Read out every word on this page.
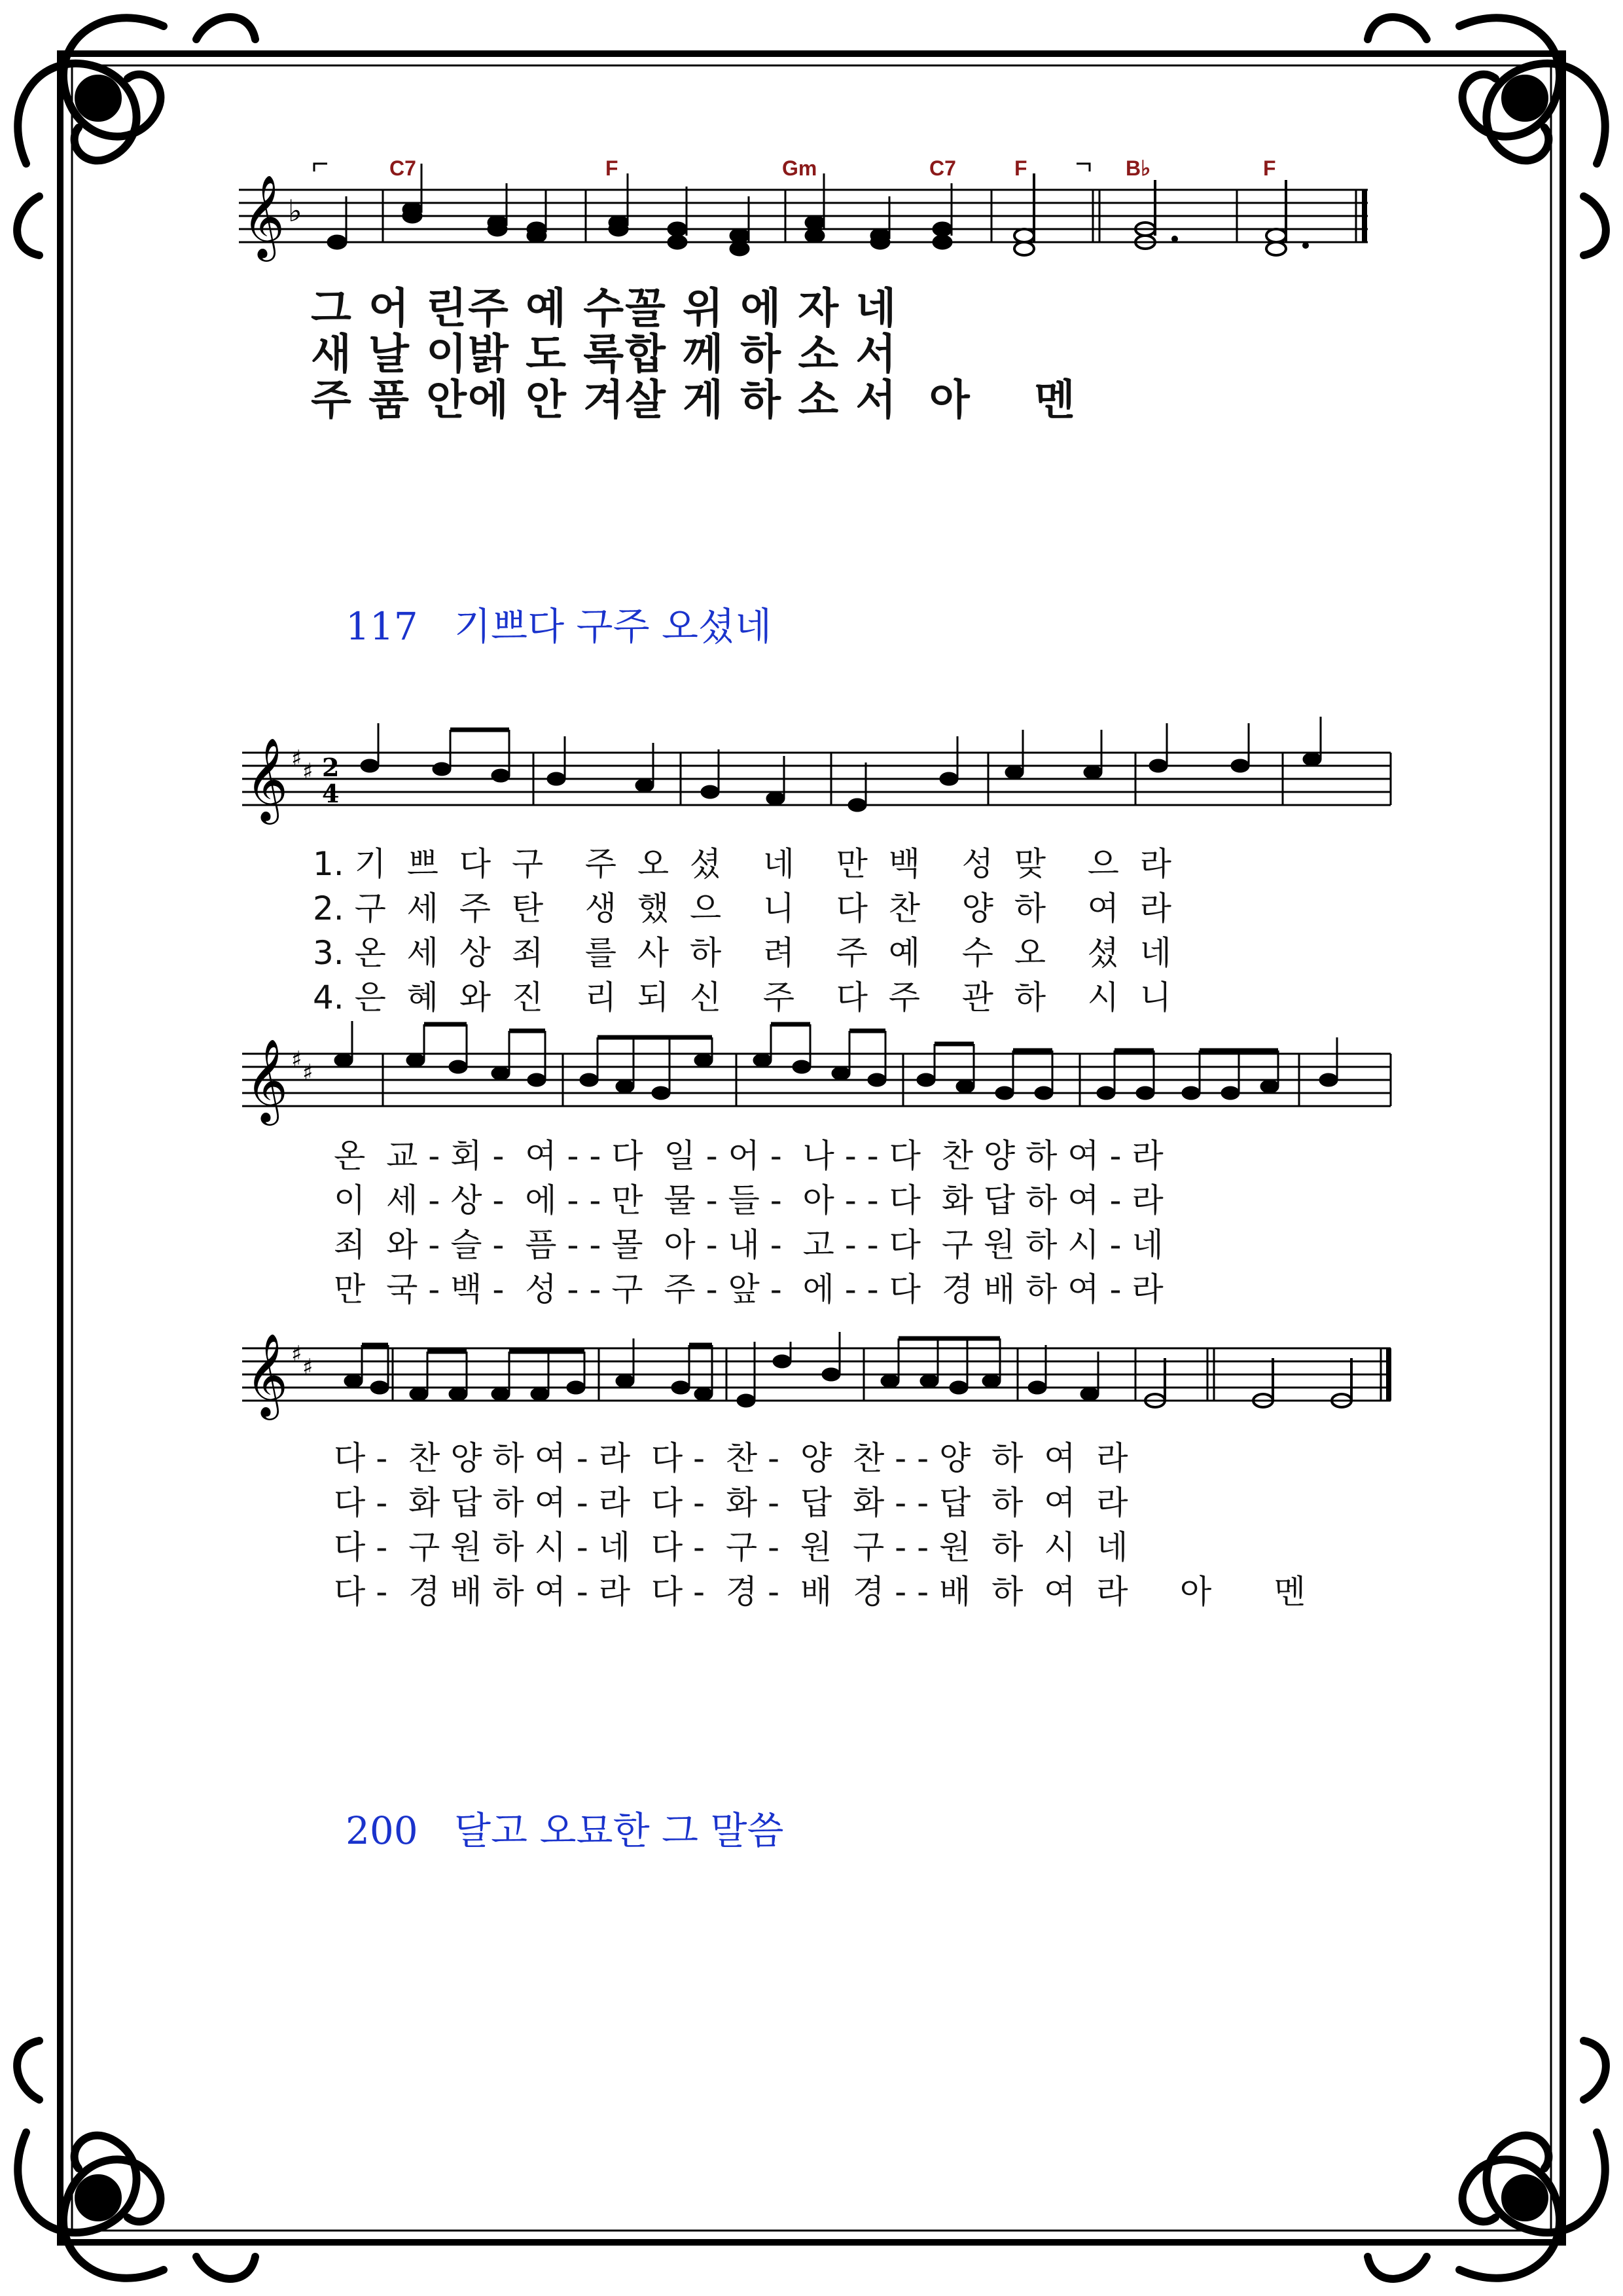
𝄞 ♭
C7	F	Gm	C7	F	B♭	F
그 어 린주 예 수꼴 위 에 자 네
새 날 이밝 도 록합 께 하 소 서
주 품 안에 안 겨살 게 하 소 서  아    멘
117   기쁘다 구주 오셨네
𝄞 ♯ ♯ 2
4
1. 기  쁘  다  구    주  오  셨    네    만  백    성  맞    으  라
2. 구  세  주  탄    생  했  으    니    다  찬    양  하    여  라
3. 온  세  상  죄    를  사  하    려    주  예    수  오    셨  네
4. 은  혜  와  진    리  되  신    주    다  주    관  하    시  니
𝄞 ♯ ♯
온  교 - 회 -  여 - - 다  일 - 어 -  나 - - 다  찬 양 하 여 - 라
이  세 - 상 -  에 - - 만  물 - 들 -  아 - - 다  화 답 하 여 - 라
죄  와 - 슬 -  픔 - - 몰  아 - 내 -  고 - - 다  구 원 하 시 - 네
만  국 - 백 -  성 - - 구  주 - 앞 -  에 - - 다  경 배 하 여 - 라
𝄞 ♯ ♯
다 -  찬 양 하 여 - 라  다 -  찬 -  양  찬 - - 양  하  여  라
다 -  화 답 하 여 - 라  다 -  화 -  답  화 - - 답  하  여  라
다 -  구 원 하 시 - 네  다 -  구 -  원  구 - - 원  하  시  네
다 -  경 배 하 여 - 라  다 -  경 -  배  경 - - 배  하  여  라     아      멘
200   달고 오묘한 그 말씀
